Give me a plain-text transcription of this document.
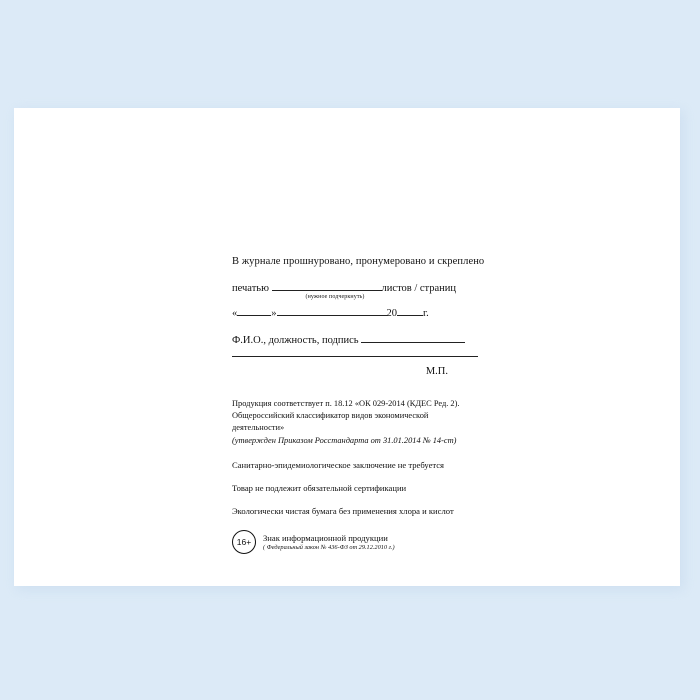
В журнале прошнуровано, пронумеровано и скреплено
печатью	листов / страниц
(нужное подчеркнуть)
«	»	20 г.
Ф.И.О., должность, подпись
М.П.
Продукция соответствует п. 18.12 «ОК 029-2014 (КДЕС Ред. 2).
Общероссийский классификатор видов экономической деятельности»
(утвержден Приказом Росстандарта от 31.01.2014 № 14-ст)
Санитарно-эпидемиологическое заключение не требуется
Товар не подлежит обязательной сертификации
Экологически чистая бумага без применения хлора и кислот
16+	Знак информационной продукции
( Федеральный закон № 436-ФЗ от 29.12.2010 г.)
